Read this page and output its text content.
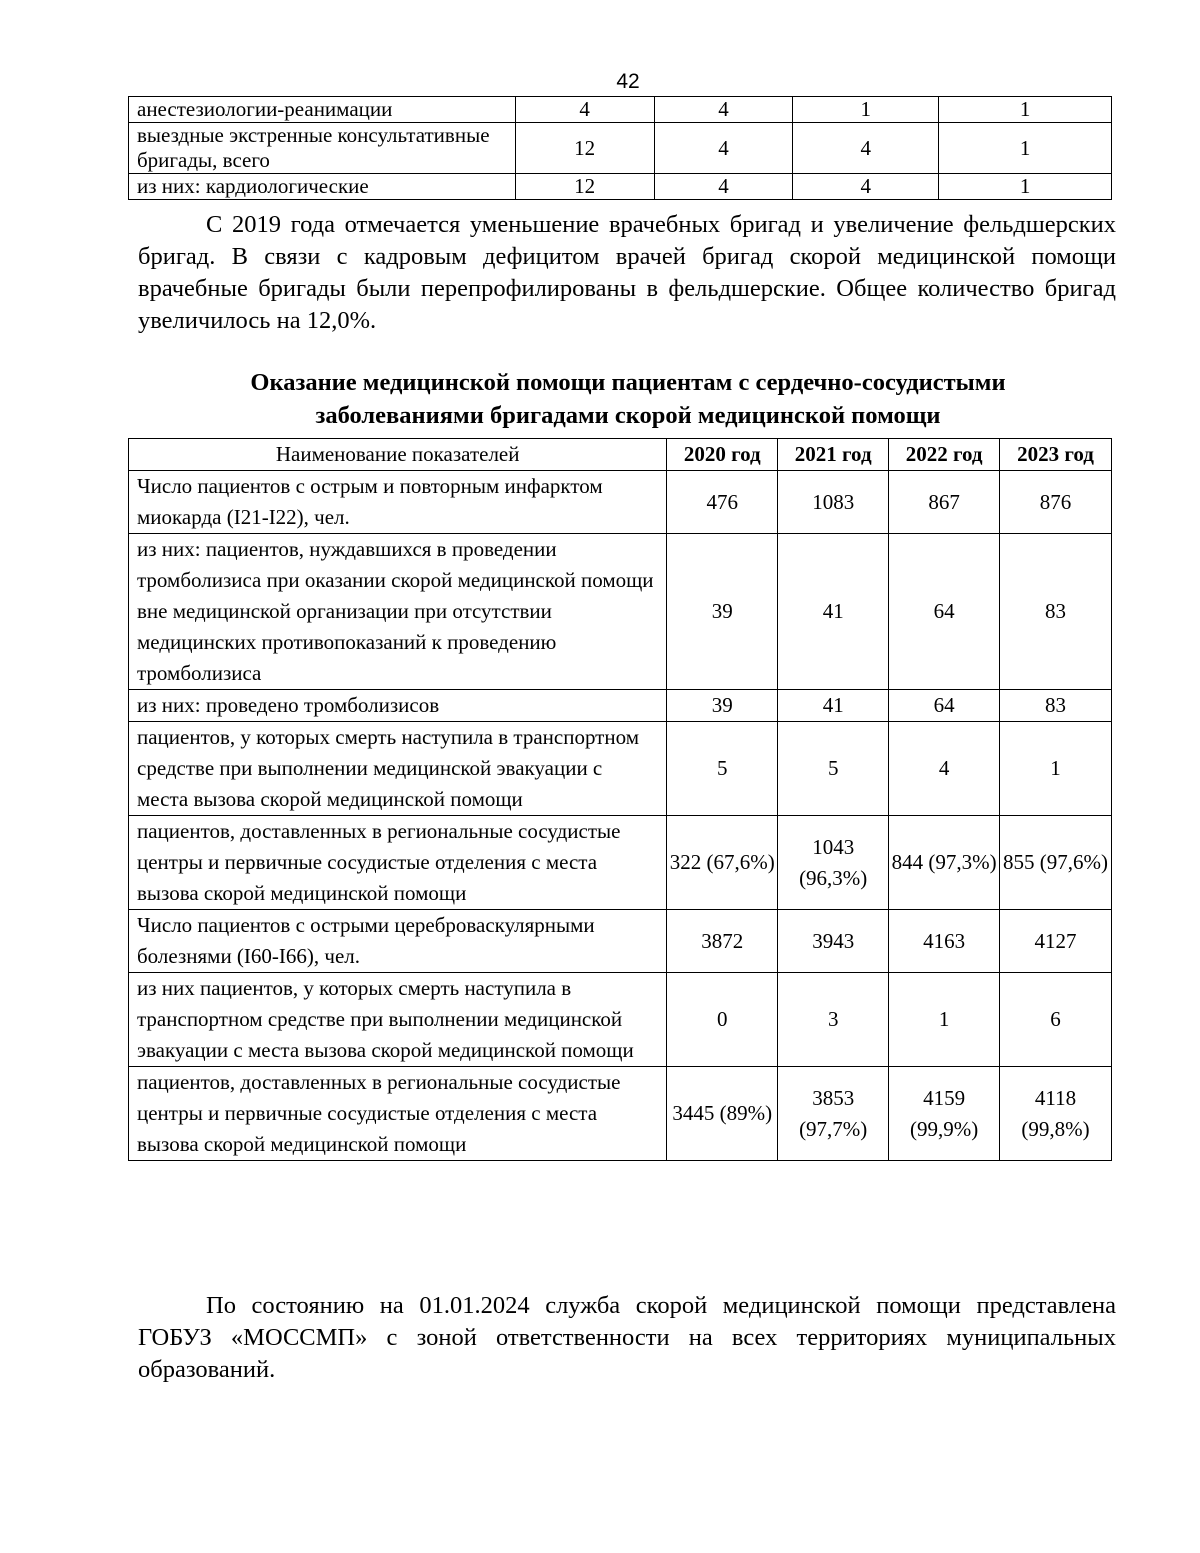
42
анестезиологии-реанимации	4	4	1	1
выездные экстренные консультативные бригады, всего	12	4	4	1
из них: кардиологические	12	4	4	1

С 2019 года отмечается уменьшение врачебных бригад и увеличение фельдшерских бригад. В связи с кадровым дефицитом врачей бригад скорой медицинской помощи врачебные бригады были перепрофилированы в фельдшерские. Общее количество бригад увеличилось на 12,0%.

Оказание медицинской помощи пациентам с сердечно-сосудистыми
заболеваниями бригадами скорой медицинской помощи
Наименование показателей	2020 год	2021 год	2022 год	2023 год
Число пациентов с острым и повторным инфарктом миокарда (I21-I22), чел.	476	1083	867	876
из них: пациентов, нуждавшихся в проведении тромболизиса при оказании скорой медицинской помощи вне медицинской организации при отсутствии медицинских противопоказаний к проведению тромболизиса	39	41	64	83
из них: проведено тромболизисов	39	41	64	83
пациентов, у которых смерть наступила в транспортном средстве при выполнении медицинской эвакуации с места вызова скорой медицинской помощи	5	5	4	1
пациентов, доставленных в региональные сосудистые центры и первичные сосудистые отделения с места вызова скорой медицинской помощи	322 (67,6%)	1043 (96,3%)	844 (97,3%)	855 (97,6%)
Число пациентов с острыми цереброваскулярными болезнями (I60-I66), чел.	3872	3943	4163	4127
из них пациентов, у которых смерть наступила в транспортном средстве при выполнении медицинской эвакуации с места вызова скорой медицинской помощи	0	3	1	6
пациентов, доставленных в региональные сосудистые центры и первичные сосудистые отделения с места вызова скорой медицинской помощи	3445 (89%)	3853 (97,7%)	4159 (99,9%)	4118 (99,8%)

По состоянию на 01.01.2024 служба скорой медицинской помощи представлена ГОБУЗ «МОССМП» с зоной ответственности на всех территориях муниципальных образований.
